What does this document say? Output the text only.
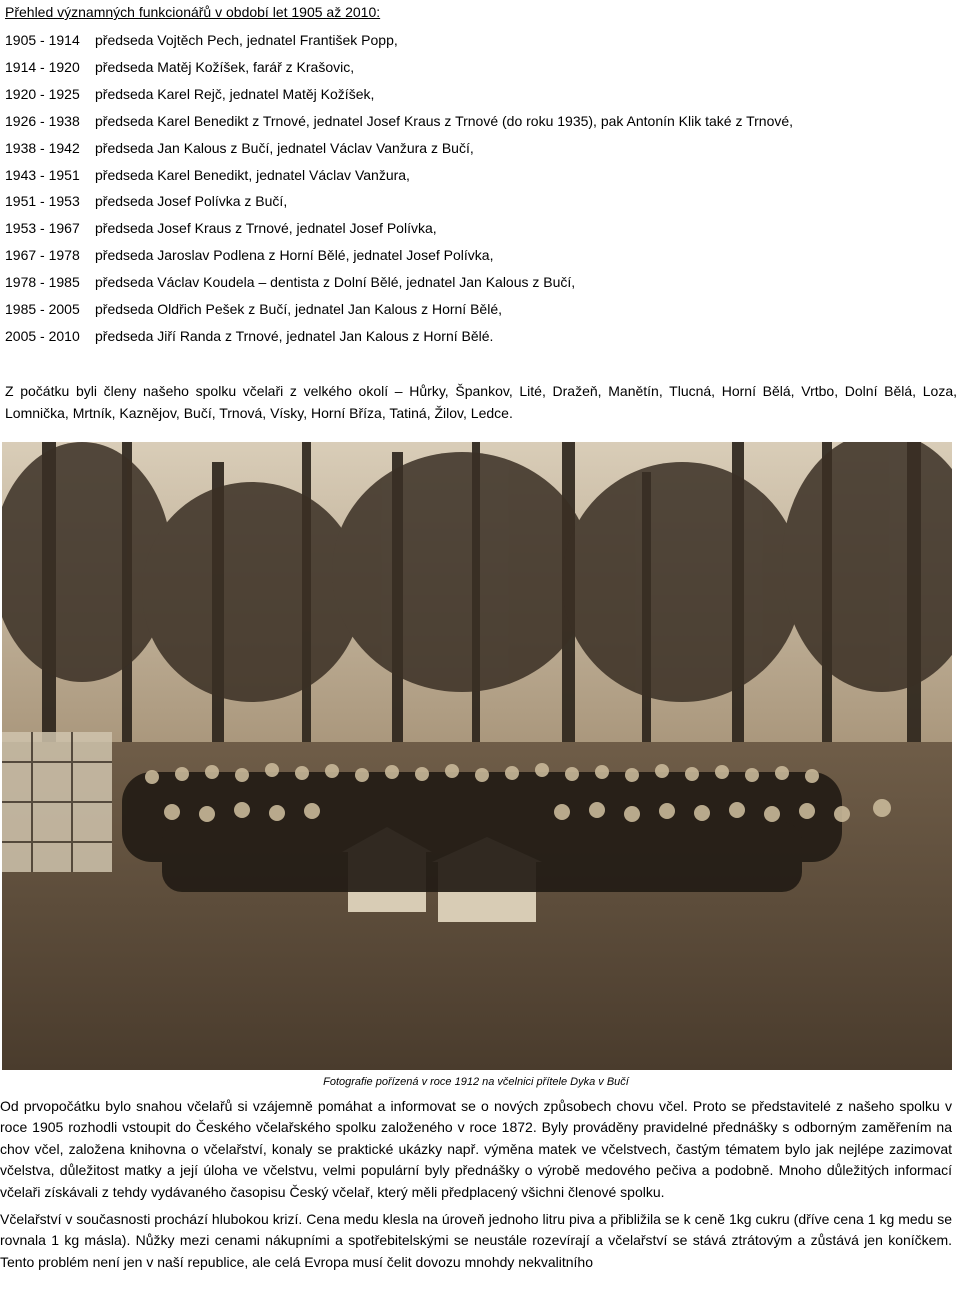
Přehled významných funkcionářů v období let 1905 až 2010:

1905 - 1914 předseda Vojtěch Pech, jednatel František Popp,
1914 - 1920 předseda Matěj Kožíšek, farář z Krašovic,
1920 - 1925 předseda Karel Rejč, jednatel Matěj Kožíšek,
1926 - 1938 předseda Karel Benedikt z Trnové, jednatel Josef Kraus z Trnové (do roku 1935), pak Antonín Klik také z Trnové,
1938 - 1942 předseda Jan Kalous z Bučí, jednatel Václav Vanžura z Bučí,
1943 - 1951 předseda Karel Benedikt, jednatel Václav Vanžura,
1951 - 1953 předseda Josef Polívka z Bučí,
1953 - 1967 předseda Josef Kraus z Trnové, jednatel Josef Polívka,
1967 - 1978 předseda Jaroslav Podlena z Horní Bělé, jednatel Josef Polívka,
1978 - 1985 předseda Václav Koudela – dentista z Dolní Bělé, jednatel Jan Kalous z Bučí,
1985 - 2005 předseda Oldřich Pešek z Bučí, jednatel Jan Kalous z Horní Bělé,
2005 - 2010 předseda Jiří Randa z Trnové, jednatel Jan Kalous z Horní Bělé.

Z počátku byli členy našeho spolku včelaři z velkého okolí – Hůrky, Špankov, Lité, Dražeň, Manětín, Tlucná, Horní Bělá, Vrtbo, Dolní Bělá, Loza, Lomnička, Mrtník, Kaznějov, Bučí, Trnová, Vísky, Horní Bříza, Tatiná, Žilov, Ledce.

Fotografie pořízená v roce 1912 na včelnici přítele Dyka v Bučí

Od prvopočátku bylo snahou včelařů si vzájemně pomáhat a informovat se o nových způsobech chovu včel. Proto se představitelé z našeho spolku v roce 1905 rozhodli vstoupit do Českého včelařského spolku založeného v roce 1872. Byly prováděny pravidelné přednášky s odborným zaměřením na chov včel, založena knihovna o včelařství, konaly se praktické ukázky např. výměna matek ve včelstvech, častým tématem bylo jak nejlépe zazimovat včelstva, důležitost matky a její úloha ve včelstvu, velmi populární byly přednášky o výrobě medového pečiva a podobně. Mnoho důležitých informací včelaři získávali z tehdy vydávaného časopisu Český včelař, který měli předplacený všichni členové spolku.

Včelařství v současnosti prochází hlubokou krizí. Cena medu klesla na úroveň jednoho litru piva a přibližila se k ceně 1kg cukru (dříve cena 1 kg medu se rovnala 1 kg másla). Nůžky mezi cenami nákupními a spotřebitelskými se neustále rozevírají a včelařství se stává ztrátovým a zůstává jen koníčkem. Tento problém není jen v naší republice, ale celá Evropa musí čelit dovozu mnohdy nekvalitního
